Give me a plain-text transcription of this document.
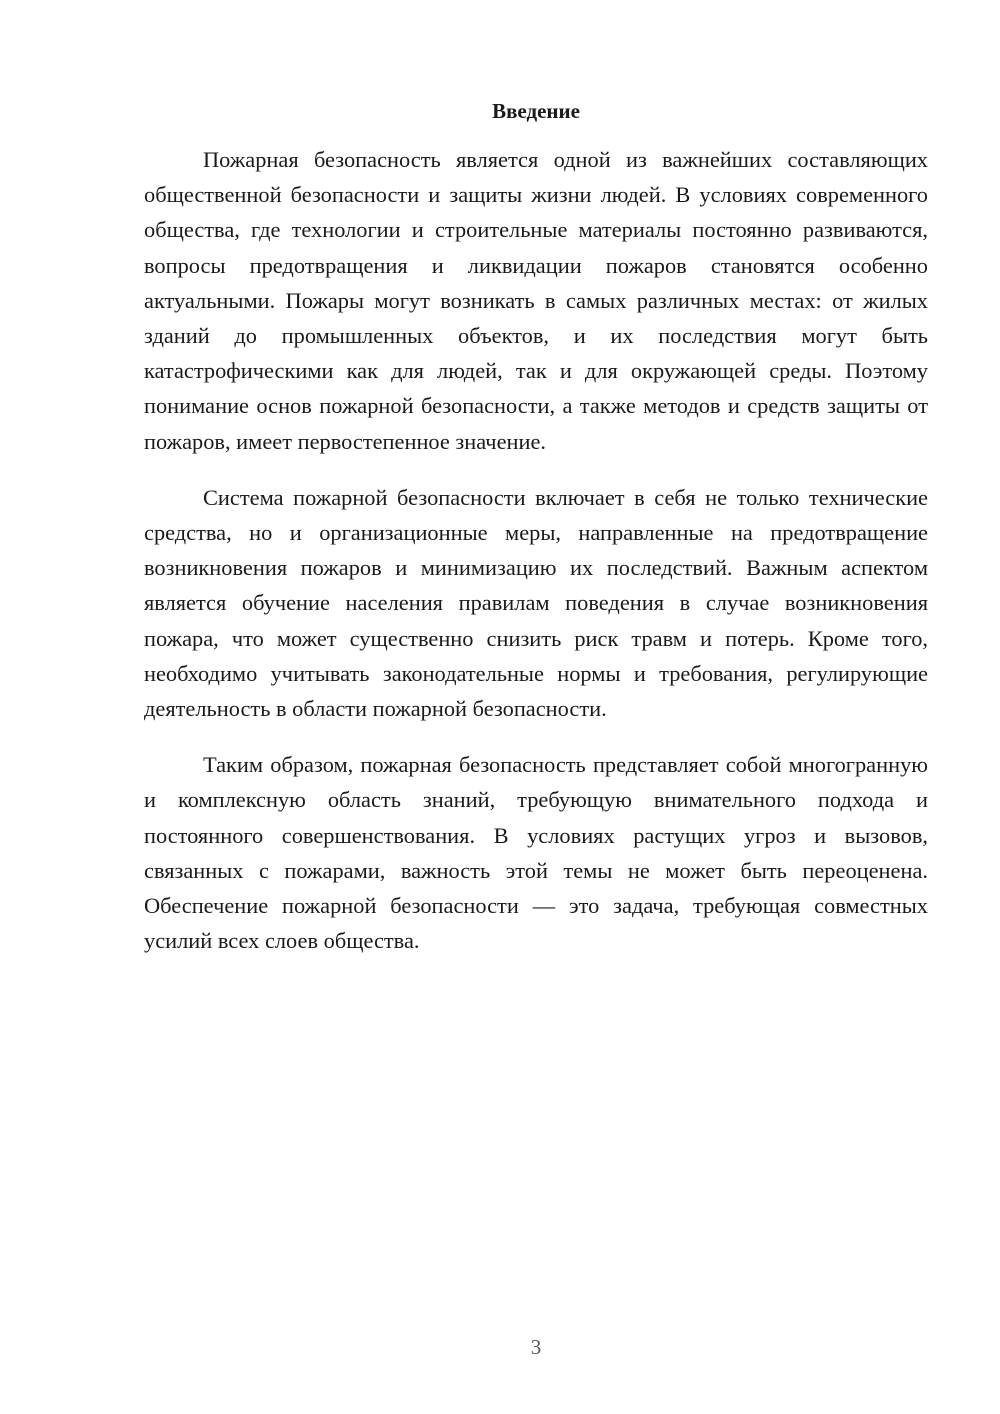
Введение

Пожарная безопасность является одной из важнейших составляющих общественной безопасности и защиты жизни людей. В условиях современного общества, где технологии и строительные материалы постоянно развиваются, вопросы предотвращения и ликвидации пожаров становятся особенно актуальными. Пожары могут возникать в самых различных местах: от жилых зданий до промышленных объектов, и их последствия могут быть катастрофическими как для людей, так и для окружающей среды. Поэтому понимание основ пожарной безопасности, а также методов и средств защиты от пожаров, имеет первостепенное значение.

Система пожарной безопасности включает в себя не только технические средства, но и организационные меры, направленные на предотвращение возникновения пожаров и минимизацию их последствий. Важным аспектом является обучение населения правилам поведения в случае возникновения пожара, что может существенно снизить риск травм и потерь. Кроме того, необходимо учитывать законодательные нормы и требования, регулирующие деятельность в области пожарной безопасности.

Таким образом, пожарная безопасность представляет собой многогранную и комплексную область знаний, требующую внимательного подхода и постоянного совершенствования. В условиях растущих угроз и вызовов, связанных с пожарами, важность этой темы не может быть переоценена. Обеспечение пожарной безопасности — это задача, требующая совместных усилий всех слоев общества.

3
